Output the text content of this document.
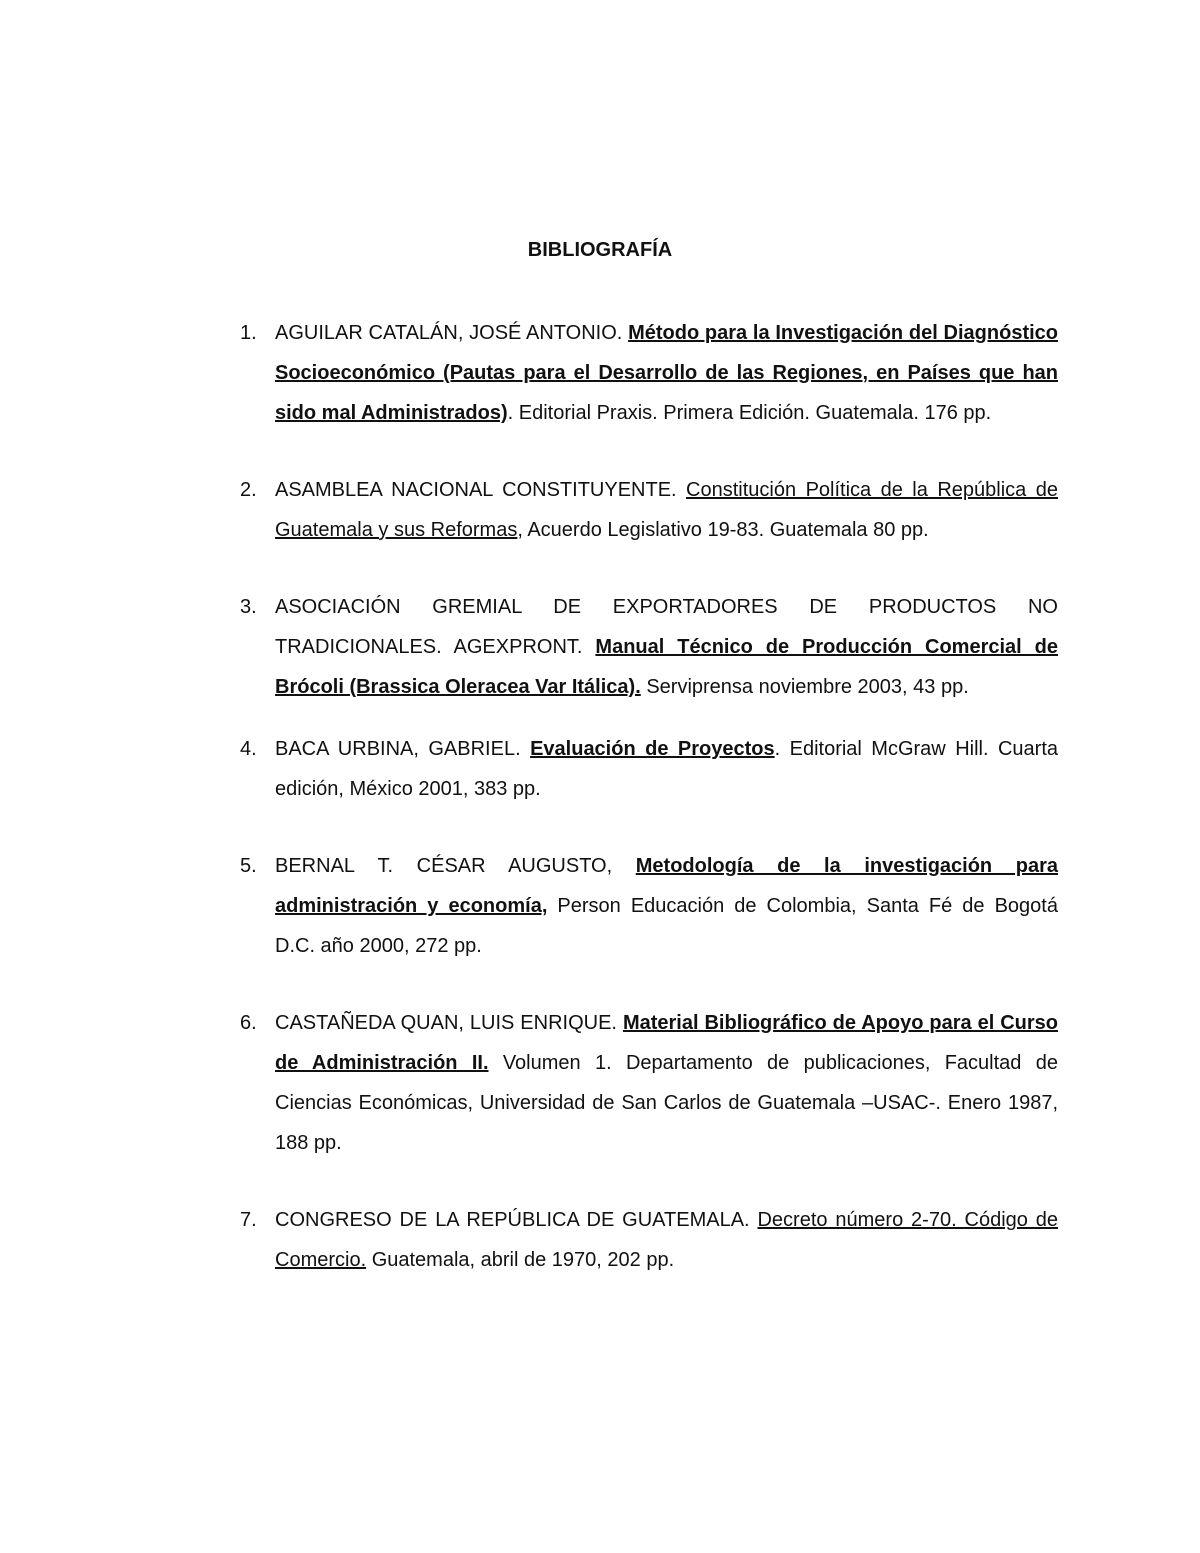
BIBLIOGRAFÍA
1. AGUILAR CATALÁN, JOSÉ ANTONIO. Método para la Investigación del Diagnóstico Socioeconómico (Pautas para el Desarrollo de las Regiones, en Países que han sido mal Administrados). Editorial Praxis. Primera Edición. Guatemala. 176 pp.
2. ASAMBLEA NACIONAL CONSTITUYENTE. Constitución Política de la República de Guatemala y sus Reformas, Acuerdo Legislativo 19-83. Guatemala 80 pp.
3. ASOCIACIÓN GREMIAL DE EXPORTADORES DE PRODUCTOS NO TRADICIONALES. AGEXPRONT. Manual Técnico de Producción Comercial de Brócoli (Brassica Oleracea Var Itálica). Serviprensa noviembre 2003, 43 pp.
4. BACA URBINA, GABRIEL. Evaluación de Proyectos. Editorial McGraw Hill. Cuarta edición, México 2001, 383 pp.
5. BERNAL T. CÉSAR AUGUSTO, Metodología de la investigación para administración y economía, Person Educación de Colombia, Santa Fé de Bogotá D.C. año 2000, 272 pp.
6. CASTAÑEDA QUAN, LUIS ENRIQUE. Material Bibliográfico de Apoyo para el Curso de Administración II. Volumen 1. Departamento de publicaciones, Facultad de Ciencias Económicas, Universidad de San Carlos de Guatemala –USAC-. Enero 1987, 188 pp.
7. CONGRESO DE LA REPÚBLICA DE GUATEMALA. Decreto número 2-70. Código de Comercio. Guatemala, abril de 1970, 202 pp.
